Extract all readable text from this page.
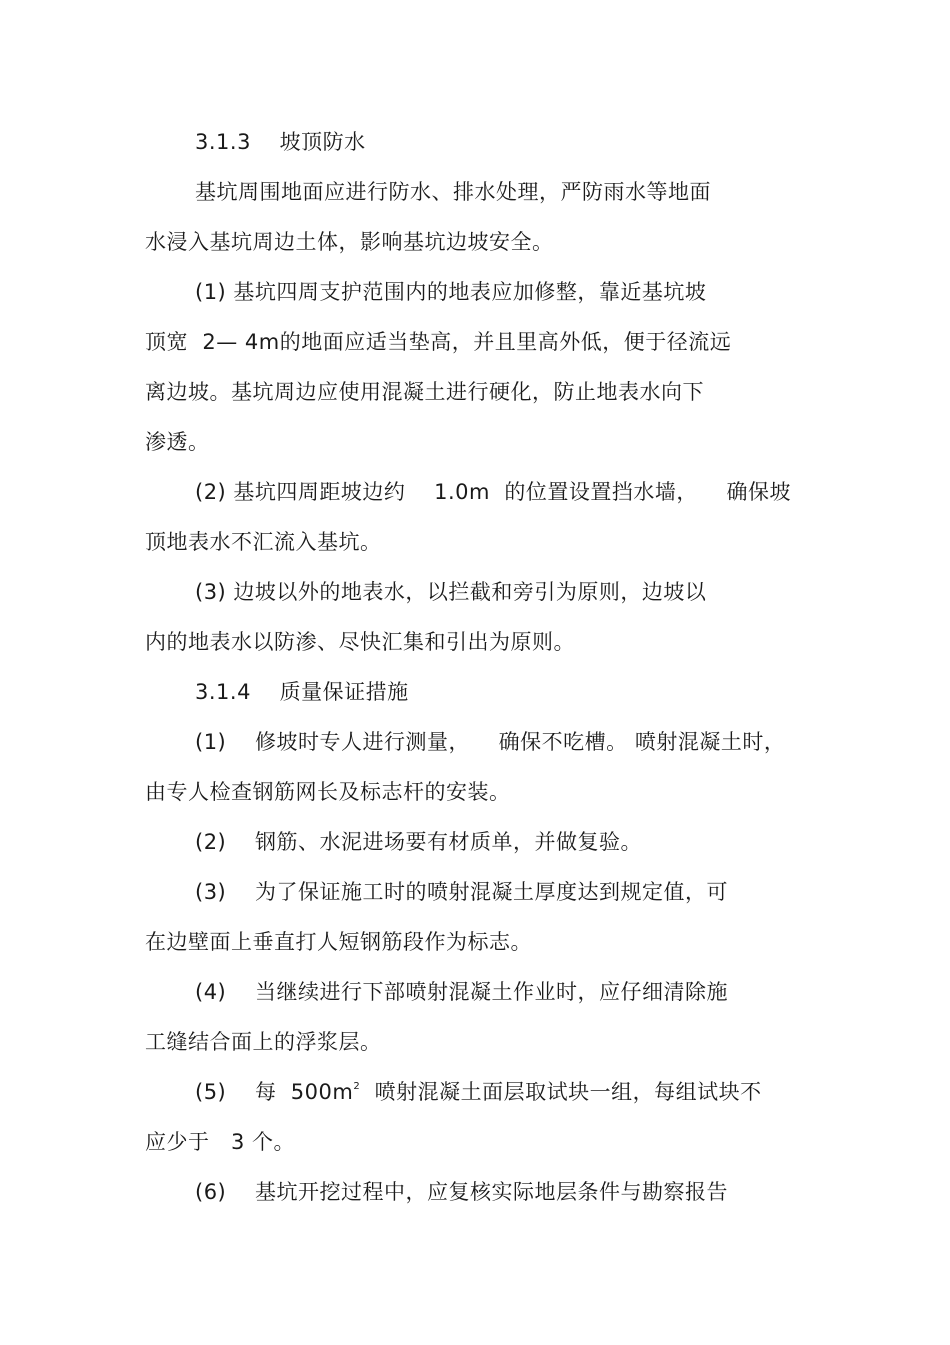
3.1.3    坡顶防水
基坑周围地面应进行防水、排水处理，严防雨水等地面
水浸入基坑周边土体，影响基坑边坡安全。
(1) 基坑四周支护范围内的地表应加修整，靠近基坑坡
顶宽  2— 4m的地面应适当垫高，并且里高外低，便于径流远
离边坡。基坑周边应使用混凝土进行硬化，防止地表水向下
渗透。
(2) 基坑四周距坡边约    1.0m  的位置设置挡水墙，    确保坡
顶地表水不汇流入基坑。
(3) 边坡以外的地表水，以拦截和旁引为原则，边坡以
内的地表水以防渗、尽快汇集和引出为原则。
3.1.4    质量保证措施
(1)    修坡时专人进行测量，    确保不吃槽。 喷射混凝土时，
由专人检查钢筋网长及标志杆的安装。
(2)    钢筋、水泥进场要有材质单，并做复验。
(3)    为了保证施工时的喷射混凝土厚度达到规定值，可
在边壁面上垂直打人短钢筋段作为标志。
(4)    当继续进行下部喷射混凝土作业时，应仔细清除施
工缝结合面上的浮浆层。
(5)    每  $500m^2$  喷射混凝土面层取试块一组，每组试块不
应少于   3 个。
(6)    基坑开挖过程中，应复核实际地层条件与勘察报告
